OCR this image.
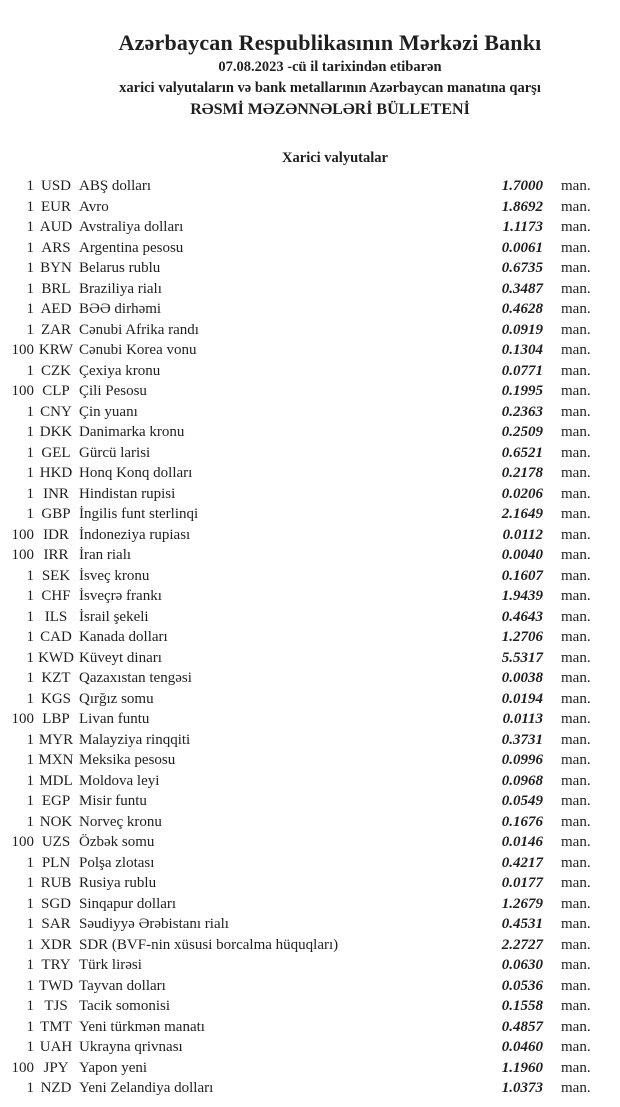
Azərbaycan Respublikasının Mərkəzi Bankı
07.08.2023 -cü il tarixindən etibarən
xarici valyutaların və bank metallarının Azərbaycan manatına qarşı
RƏSMİ MƏZƏNNƏLƏRİ BÜLLETENİ
Xarici valyutalar
1 USD ABŞ dolları	1.7000	man.
1 EUR Avro	1.8692	man.
1 AUD Avstraliya dolları	1.1173	man.
1 ARS Argentina pesosu	0.0061	man.
1 BYN Belarus rublu	0.6735	man.
1 BRL Braziliya rialı	0.3487	man.
1 AED BƏƏ dirhəmi	0.4628	man.
1 ZAR Cənubi Afrika randı	0.0919	man.
100 KRW Cənubi Korea vonu	0.1304	man.
1 CZK Çexiya kronu	0.0771	man.
100 CLP Çili Pesosu	0.1995	man.
1 CNY Çin yuanı	0.2363	man.
1 DKK Danimarka kronu	0.2509	man.
1 GEL Gürcü larisi	0.6521	man.
1 HKD Honq Konq dolları	0.2178	man.
1 INR Hindistan rupisi	0.0206	man.
1 GBP İngilis funt sterlinqi	2.1649	man.
100 IDR İndoneziya rupiası	0.0112	man.
100 IRR İran rialı	0.0040	man.
1 SEK İsveç kronu	0.1607	man.
1 CHF İsveçrə frankı	1.9439	man.
1 ILS İsrail şekeli	0.4643	man.
1 CAD Kanada dolları	1.2706	man.
1 KWD Küveyt dinarı	5.5317	man.
1 KZT Qazaxıstan tengəsi	0.0038	man.
1 KGS Qırğız somu	0.0194	man.
100 LBP Livan funtu	0.0113	man.
1 MYR Malayziya rinqqiti	0.3731	man.
1 MXN Meksika pesosu	0.0996	man.
1 MDL Moldova leyi	0.0968	man.
1 EGP Misir funtu	0.0549	man.
1 NOK Norveç kronu	0.1676	man.
100 UZS Özbək somu	0.0146	man.
1 PLN Polşa zlotası	0.4217	man.
1 RUB Rusiya rublu	0.0177	man.
1 SGD Sinqapur dolları	1.2679	man.
1 SAR Səudiyyə Ərəbistanı rialı	0.4531	man.
1 XDR SDR (BVF-nin xüsusi borcalma hüquqları)	2.2727	man.
1 TRY Türk lirəsi	0.0630	man.
1 TWD Tayvan dolları	0.0536	man.
1 TJS Tacik somonisi	0.1558	man.
1 TMT Yeni türkmən manatı	0.4857	man.
1 UAH Ukrayna qrivnası	0.0460	man.
100 JPY Yapon yeni	1.1960	man.
1 NZD Yeni Zelandiya dolları	1.0373	man.
